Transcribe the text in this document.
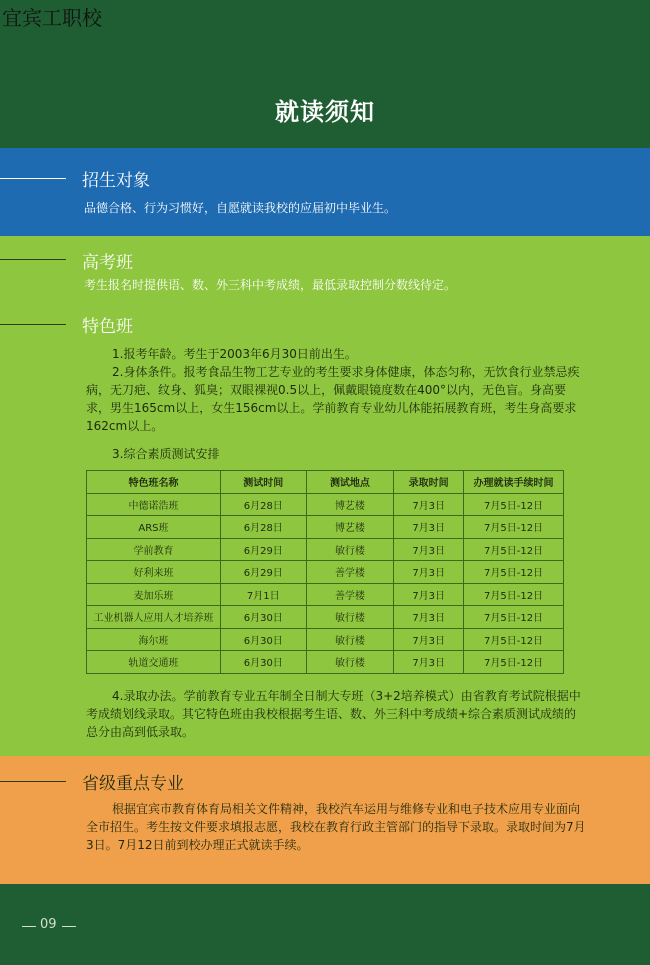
宜宾工职校
就读须知
招生对象
品德合格、行为习惯好，自愿就读我校的应届初中毕业生。
高考班
考生报名时提供语、数、外三科中考成绩，最低录取控制分数线待定。
特色班
1.报考年龄。考生于2003年6月30日前出生。
2.身体条件。报考食品生物工艺专业的考生要求身体健康，体态匀称，无饮食行业禁忌疾病，无刀疤、纹身、狐臭；双眼裸视0.5以上，佩戴眼镜度数在400°以内，无色盲。身高要求，男生165cm以上，女生156cm以上。学前教育专业幼儿体能拓展教育班，考生身高要求162cm以上。
3.综合素质测试安排
特色班名称	测试时间	测试地点	录取时间	办理就读手续时间
中德诺浩班	6月28日	博艺楼	7月3日	7月5日-12日
ARS班	6月28日	博艺楼	7月3日	7月5日-12日
学前教育	6月29日	敏行楼	7月3日	7月5日-12日
好利来班	6月29日	善学楼	7月3日	7月5日-12日
麦加乐班	7月1日	善学楼	7月3日	7月5日-12日
工业机器人应用人才培养班	6月30日	敏行楼	7月3日	7月5日-12日
海尔班	6月30日	敏行楼	7月3日	7月5日-12日
轨道交通班	6月30日	敏行楼	7月3日	7月5日-12日
4.录取办法。学前教育专业五年制全日制大专班（3+2培养模式）由省教育考试院根据中考成绩划线录取。其它特色班由我校根据考生语、数、外三科中考成绩+综合素质测试成绩的总分由高到低录取。
省级重点专业
根据宜宾市教育体育局相关文件精神，我校汽车运用与维修专业和电子技术应用专业面向全市招生。考生按文件要求填报志愿，我校在教育行政主管部门的指导下录取。录取时间为7月3日。7月12日前到校办理正式就读手续。
09
